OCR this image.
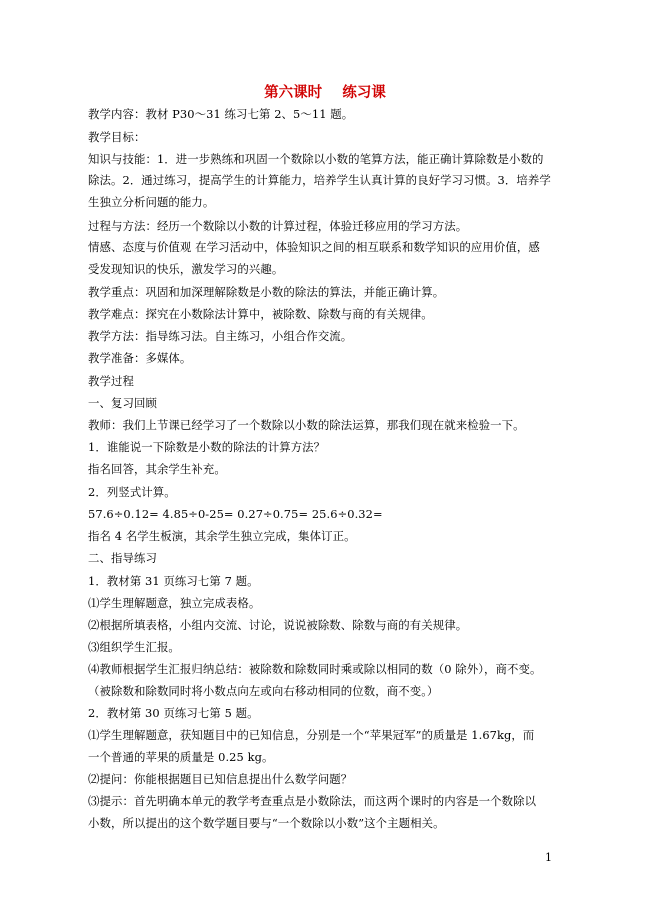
第六课时    练习课
教学内容：教材 P30～31 练习七第 2、5～11 题。
教学目标：
知识与技能：1．进一步熟练和巩固一个数除以小数的笔算方法，能正确计算除数是小数的
除法。2．通过练习，提高学生的计算能力，培养学生认真计算的良好学习习惯。3．培养学
生独立分析问题的能力。
过程与方法：经历一个数除以小数的计算过程，体验迁移应用的学习方法。
情感、态度与价值观 在学习活动中，体验知识之间的相互联系和数学知识的应用价值，感
受发现知识的快乐，激发学习的兴趣。
教学重点：巩固和加深理解除数是小数的除法的算法，并能正确计算。
教学难点：探究在小数除法计算中，被除数、除数与商的有关规律。
教学方法：指导练习法。自主练习，小组合作交流。
教学准备：多媒体。
教学过程
一、复习回顾
教师：我们上节课已经学习了一个数除以小数的除法运算，那我们现在就来检验一下。
1．谁能说一下除数是小数的除法的计算方法？
指名回答，其余学生补充。
2．列竖式计算。
57.6÷0.12= 4.85÷0-25= 0.27÷0.75= 25.6÷0.32=
指名 4 名学生板演，其余学生独立完成，集体订正。
二、指导练习
1．教材第 31 页练习七第 7 题。
⑴学生理解题意，独立完成表格。
⑵根据所填表格，小组内交流、讨论，说说被除数、除数与商的有关规律。
⑶组织学生汇报。
⑷教师根据学生汇报归纳总结：被除数和除数同时乘或除以相同的数（0 除外），商不变。
（被除数和除数同时将小数点向左或向右移动相同的位数，商不变。）
2．教材第 30 页练习七第 5 题。
⑴学生理解题意，获知题目中的已知信息，分别是一个“苹果冠军”的质量是 1.67kg，而
一个普通的苹果的质量是 0.25 kg。
⑵提问：你能根据题目已知信息提出什么数学问题？
⑶提示：首先明确本单元的教学考查重点是小数除法，而这两个课时的内容是一个数除以
小数，所以提出的这个数学题目要与“一个数除以小数”这个主题相关。
1
